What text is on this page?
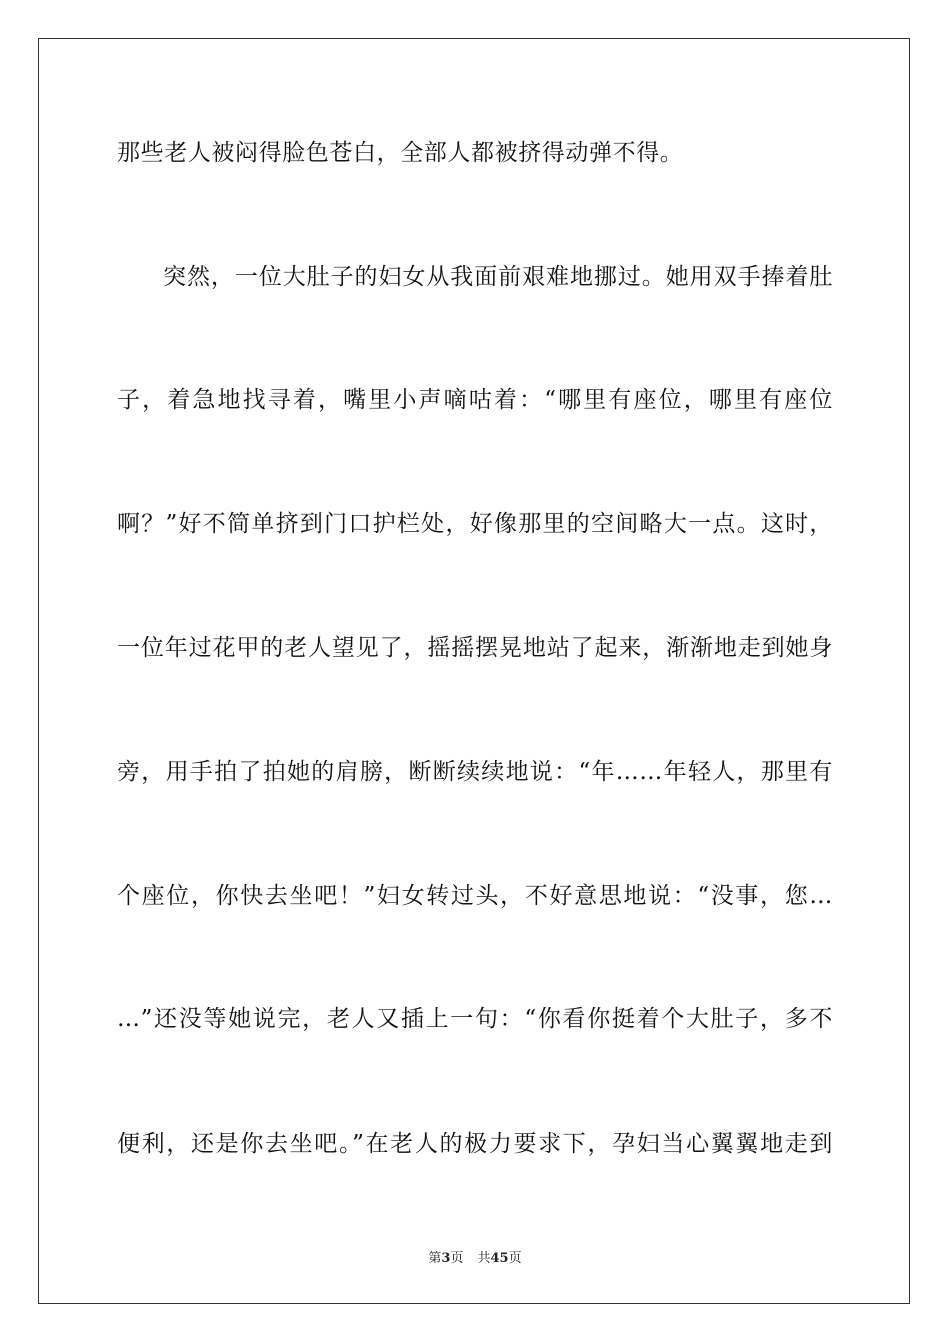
那些老人被闷得脸色苍白，全部人都被挤得动弹不得。
突然，一位大肚子的妇女从我面前艰难地挪过。她用双手捧着肚
子，着急地找寻着，嘴里小声嘀咕着：“哪里有座位，哪里有座位
啊？”好不简单挤到门口护栏处，好像那里的空间略大一点。这时，
一位年过花甲的老人望见了，摇摇摆晃地站了起来，渐渐地走到她身
旁，用手拍了拍她的肩膀，断断续续地说：“年……年轻人，那里有
个座位，你快去坐吧！”妇女转过头，不好意思地说：“没事，您…
…”还没等她说完，老人又插上一句：“你看你挺着个大肚子，多不
便利，还是你去坐吧。”在老人的极力要求下，孕妇当心翼翼地走到
第3页 共45页
